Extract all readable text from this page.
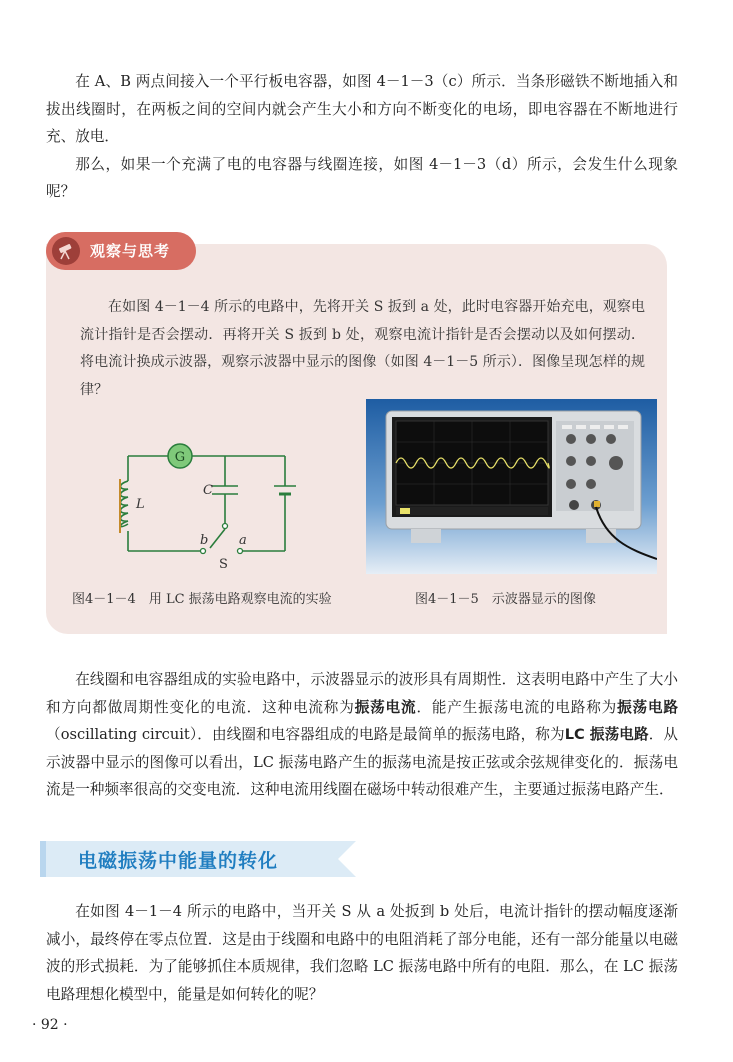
在 A、B 两点间接入一个平行板电容器，如图 4－1－3（c）所示．当条形磁铁不断地插入和拔出线圈时，在两板之间的空间内就会产生大小和方向不断变化的电场，即电容器在不断地进行充、放电．

那么，如果一个充满了电的电容器与线圈连接，如图 4－1－3（d）所示，会发生什么现象呢？

观察与思考

在如图 4－1－4 所示的电路中，先将开关 S 扳到 a 处，此时电容器开始充电，观察电流计指针是否会摆动．再将开关 S 扳到 b 处，观察电流计指针是否会摆动以及如何摆动．将电流计换成示波器，观察示波器中显示的图像（如图 4－1－5 所示）．图像呈现怎样的规律？

G
L
C
b a
S
图4－1－4　用 LC 振荡电路观察电流的实验	图4－1－5　示波器显示的图像

在线圈和电容器组成的实验电路中，示波器显示的波形具有周期性．这表明电路中产生了大小和方向都做周期性变化的电流．这种电流称为振荡电流．能产生振荡电流的电路称为振荡电路（oscillating circuit）．由线圈和电容器组成的电路是最简单的振荡电路，称为LC 振荡电路．从示波器中显示的图像可以看出，LC 振荡电路产生的振荡电流是按正弦或余弦规律变化的．振荡电流是一种频率很高的交变电流．这种电流用线圈在磁场中转动很难产生，主要通过振荡电路产生．

电磁振荡中能量的转化

在如图 4－1－4 所示的电路中，当开关 S 从 a 处扳到 b 处后，电流计指针的摆动幅度逐渐减小，最终停在零点位置．这是由于线圈和电路中的电阻消耗了部分电能，还有一部分能量以电磁波的形式损耗．为了能够抓住本质规律，我们忽略 LC 振荡电路中所有的电阻．那么，在 LC 振荡电路理想化模型中，能量是如何转化的呢？

· 92 ·
